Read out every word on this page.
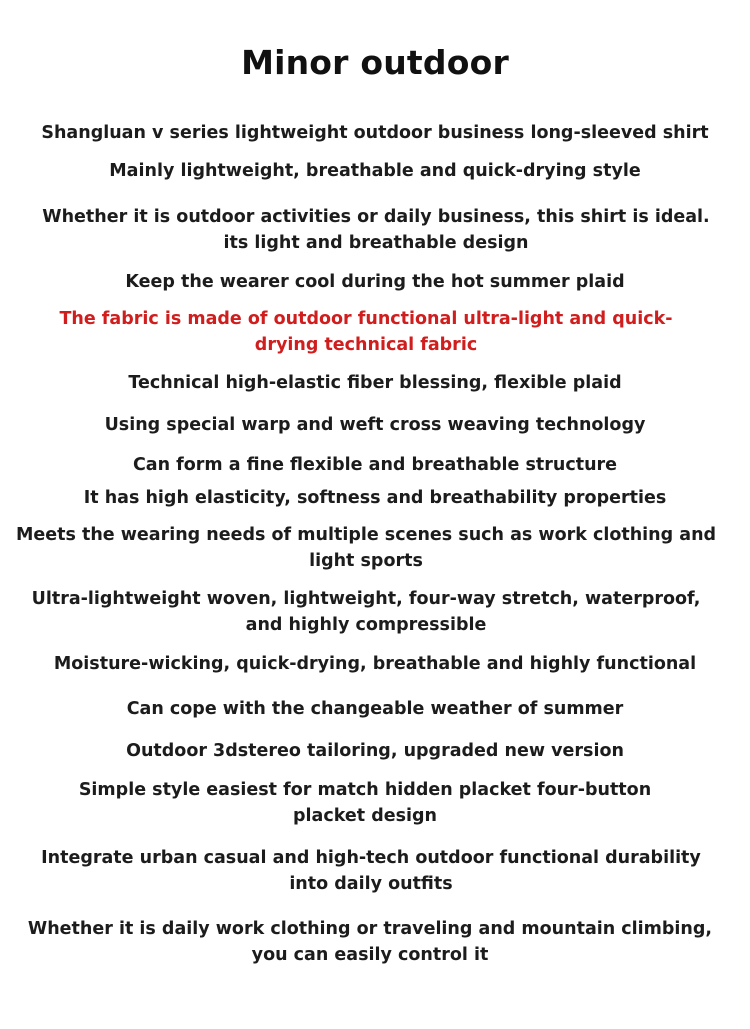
Minor outdoor
Shangluan v series lightweight outdoor business long-sleeved shirt
Mainly lightweight, breathable and quick-drying style
Whether it is outdoor activities or daily business, this shirt is ideal. its light and breathable design
Keep the wearer cool during the hot summer plaid
The fabric is made of outdoor functional ultra-light and quick-drying technical fabric
Technical high-elastic fiber blessing, flexible plaid
Using special warp and weft cross weaving technology
Can form a fine flexible and breathable structure
It has high elasticity, softness and breathability properties
Meets the wearing needs of multiple scenes such as work clothing and light sports
Ultra-lightweight woven, lightweight, four-way stretch, waterproof, and highly compressible
Moisture-wicking, quick-drying, breathable and highly functional
Can cope with the changeable weather of summer
Outdoor 3dstereo tailoring, upgraded new version
Simple style easiest for match hidden placket four-button placket design
Integrate urban casual and high-tech outdoor functional durability into daily outfits
Whether it is daily work clothing or traveling and mountain climbing, you can easily control it
